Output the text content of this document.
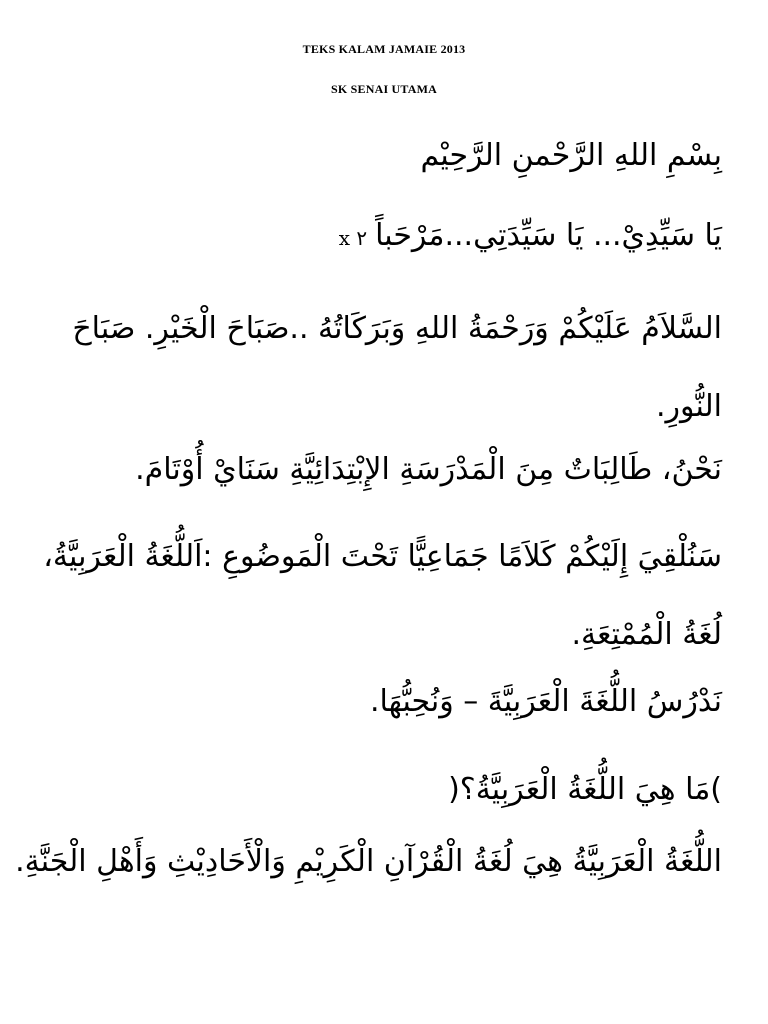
TEKS KALAM JAMAIE 2013
SK SENAI UTAMA
بِسْمِ اللهِ الرَّحْمنِ الرَّحِيْم
يَا سَيِّدِيْ... يَا سَيِّدَتِي...مَرْحَباًx ٢
السَّلاَمُ عَلَيْكُمْ وَرَحْمَةُ اللهِ وَبَرَكَاتُهُ ..صَبَاحَ الْخَيْرِ. صَبَاحَ النُّورِ.
نَحْنُ، طَالِبَاتٌ مِنَ الْمَدْرَسَةِ الإِبْتِدَائِيَّةِ سَنَايْ أُوْتَامَ.
سَنُلْقِيَ إِلَيْكُمْ كَلاَمًا جَمَاعِيًّا تَحْتَ الْمَوضُوعِ :اَللُّغَةُ الْعَرَبِيَّةُ، لُغَةُ الْمُمْتِعَةِ.
نَدْرُسُ اللُّغَةَ الْعَرَبِيَّةَ – وَنُحِبُّهَا.
)مَا هِيَ اللُّغَةُ الْعَرَبِيَّةُ؟(
اللُّغَةُ الْعَرَبِيَّةُ هِيَ لُغَةُ الْقُرْآنِ الْكَرِيْمِ وَالْأَحَادِيْثِ وَأَهْلِ الْجَنَّةِ.
